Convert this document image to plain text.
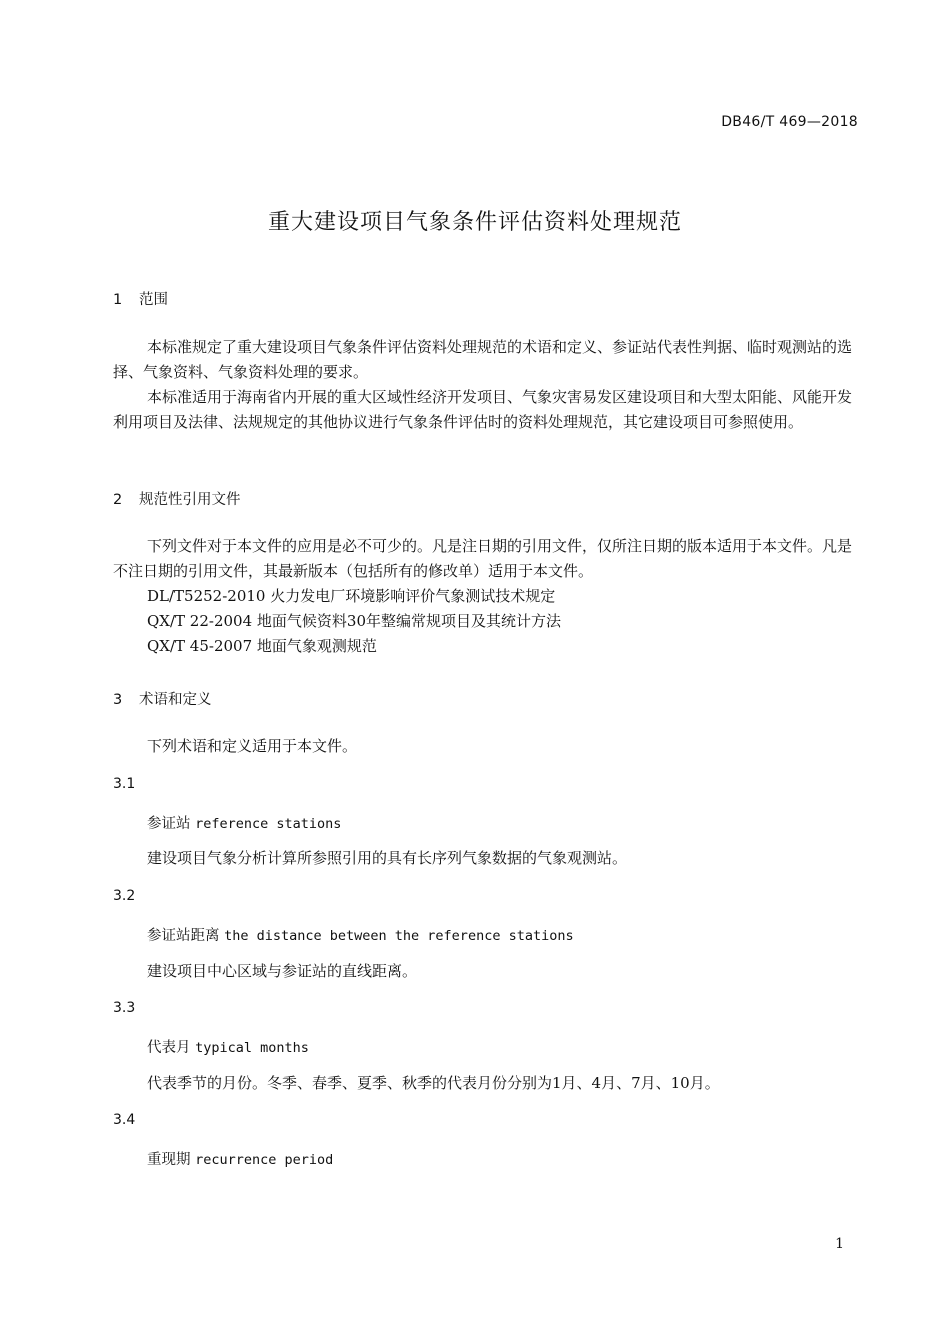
DB46/T 469—2018
重大建设项目气象条件评估资料处理规范
1 范围

本标准规定了重大建设项目气象条件评估资料处理规范的术语和定义、参证站代表性判据、临时观测站的选择、气象资料、气象资料处理的要求。

本标准适用于海南省内开展的重大区域性经济开发项目、气象灾害易发区建设项目和大型太阳能、风能开发利用项目及法律、法规规定的其他协议进行气象条件评估时的资料处理规范，其它建设项目可参照使用。

2 规范性引用文件

下列文件对于本文件的应用是必不可少的。凡是注日期的引用文件，仅所注日期的版本适用于本文件。凡是不注日期的引用文件，其最新版本（包括所有的修改单）适用于本文件。

DL/T5252-2010 火力发电厂环境影响评价气象测试技术规定
QX/T 22-2004 地面气候资料30年整编常规项目及其统计方法
QX/T 45-2007 地面气象观测规范
3 术语和定义

下列术语和定义适用于本文件。

3.1
参证站 reference stations
建设项目气象分析计算所参照引用的具有长序列气象数据的气象观测站。
3.2
参证站距离 the distance between the reference stations
建设项目中心区域与参证站的直线距离。
3.3
代表月 typical months
代表季节的月份。冬季、春季、夏季、秋季的代表月份分别为1月、4月、7月、10月。
3.4
重现期 recurrence period
1
